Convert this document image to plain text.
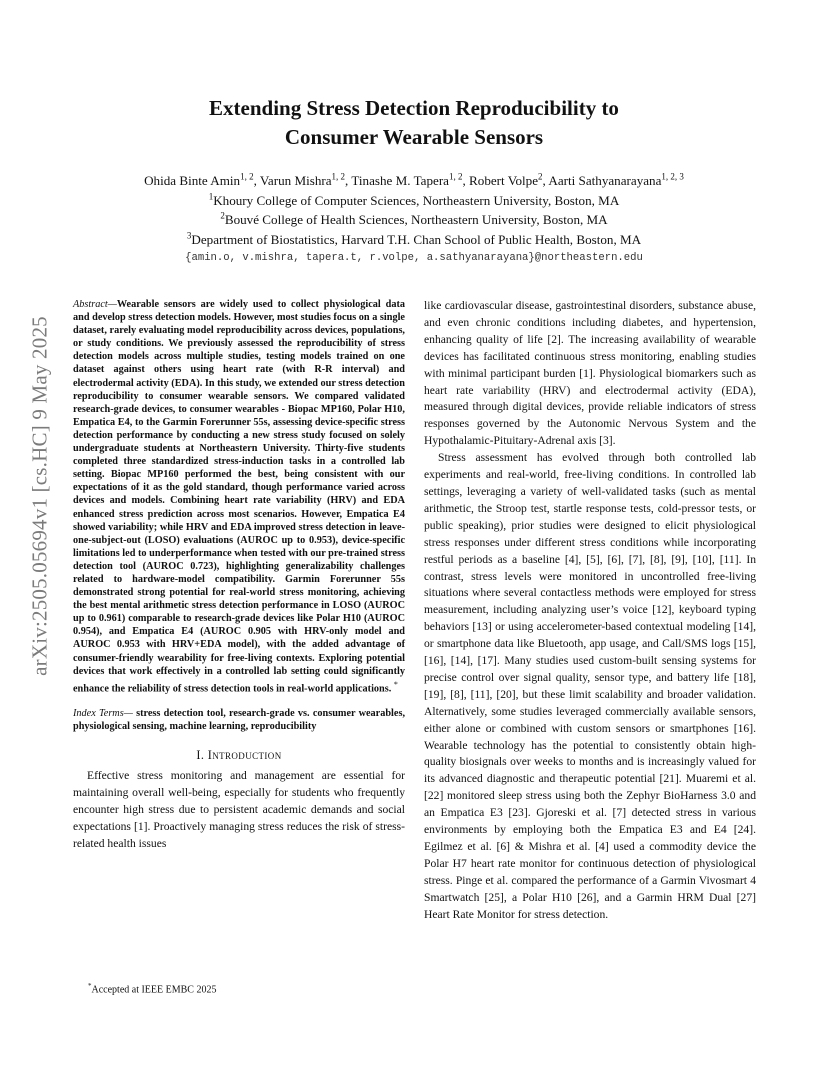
arXiv:2505.05694v1 [cs.HC] 9 May 2025
Extending Stress Detection Reproducibility to
Consumer Wearable Sensors
Ohida Binte Amin$^{1, 2}$, Varun Mishra$^{1, 2}$, Tinashe M. Tapera$^{1, 2}$, Robert Volpe$^2$, Aarti Sathyanarayana$^{1, 2, 3}$
$^1$Khoury College of Computer Sciences, Northeastern University, Boston, MA
$^2$Bouvé College of Health Sciences, Northeastern University, Boston, MA
$^3$Department of Biostatistics, Harvard T.H. Chan School of Public Health, Boston, MA
{amin.o, v.mishra, tapera.t, r.volpe, a.sathyanarayana}@northeastern.edu

Abstract—Wearable sensors are widely used to collect physiological data and develop stress detection models. However, most studies focus on a single dataset, rarely evaluating model reproducibility across devices, populations, or study conditions. We previously assessed the reproducibility of stress detection models across multiple studies, testing models trained on one dataset against others using heart rate (with R-R interval) and electrodermal activity (EDA). In this study, we extended our stress detection reproducibility to consumer wearable sensors. We compared validated research-grade devices, to consumer wearables - Biopac MP160, Polar H10, Empatica E4, to the Garmin Forerunner 55s, assessing device-specific stress detection performance by conducting a new stress study focused on solely undergraduate students at Northeastern University. Thirty-five students completed three standardized stress-induction tasks in a controlled lab setting. Biopac MP160 performed the best, being consistent with our expectations of it as the gold standard, though performance varied across devices and models. Combining heart rate variability (HRV) and EDA enhanced stress prediction across most scenarios. However, Empatica E4 showed variability; while HRV and EDA improved stress detection in leave-one-subject-out (LOSO) evaluations (AUROC up to 0.953), device-specific limitations led to underperformance when tested with our pre-trained stress detection tool (AUROC 0.723), highlighting generalizability challenges related to hardware-model compatibility. Garmin Forerunner 55s demonstrated strong potential for real-world stress monitoring, achieving the best mental arithmetic stress detection performance in LOSO (AUROC up to 0.961) comparable to research-grade devices like Polar H10 (AUROC 0.954), and Empatica E4 (AUROC 0.905 with HRV-only model and AUROC 0.953 with HRV+EDA model), with the added advantage of consumer-friendly wearability for free-living contexts. Exploring potential devices that work effectively in a controlled lab setting could significantly enhance the reliability of stress detection tools in real-world applications. *

Index Terms— stress detection tool, research-grade vs. consumer wearables, physiological sensing, machine learning, reproducibility

I. Introduction

Effective stress monitoring and management are essential for maintaining overall well-being, especially for students who frequently encounter high stress due to persistent academic demands and social expectations [1]. Proactively managing stress reduces the risk of stress-related health issues

like cardiovascular disease, gastrointestinal disorders, substance abuse, and even chronic conditions including diabetes, and hypertension, enhancing quality of life [2]. The increasing availability of wearable devices has facilitated continuous stress monitoring, enabling studies with minimal participant burden [1]. Physiological biomarkers such as heart rate variability (HRV) and electrodermal activity (EDA), measured through digital devices, provide reliable indicators of stress responses governed by the Autonomic Nervous System and the Hypothalamic-Pituitary-Adrenal axis [3].

Stress assessment has evolved through both controlled lab experiments and real-world, free-living conditions. In controlled lab settings, leveraging a variety of well-validated tasks (such as mental arithmetic, the Stroop test, startle response tests, cold-pressor tests, or public speaking), prior studies were designed to elicit physiological stress responses under different stress conditions while incorporating restful periods as a baseline [4], [5], [6], [7], [8], [9], [10], [11]. In contrast, stress levels were monitored in uncontrolled free-living situations where several contactless methods were employed for stress measurement, including analyzing user’s voice [12], keyboard typing behaviors [13] or using accelerometer-based contextual modeling [14], or smartphone data like Bluetooth, app usage, and Call/SMS logs [15], [16], [14], [17]. Many studies used custom-built sensing systems for precise control over signal quality, sensor type, and battery life [18], [19], [8], [11], [20], but these limit scalability and broader validation. Alternatively, some studies leveraged commercially available sensors, either alone or combined with custom sensors or smartphones [16]. Wearable technology has the potential to consistently obtain high-quality biosignals over weeks to months and is increasingly valued for its advanced diagnostic and therapeutic potential [21]. Muaremi et al. [22] monitored sleep stress using both the Zephyr BioHarness 3.0 and an Empatica E3 [23]. Gjoreski et al. [7] detected stress in various environments by employing both the Empatica E3 and E4 [24]. Egilmez et al. [6] & Mishra et al. [4] used a commodity device the Polar H7 heart rate monitor for continuous detection of physiological stress. Pinge et al. compared the performance of a Garmin Vivosmart 4 Smartwatch [25], a Polar H10 [26], and a Garmin HRM Dual [27] Heart Rate Monitor for stress detection.

*Accepted at IEEE EMBC 2025
